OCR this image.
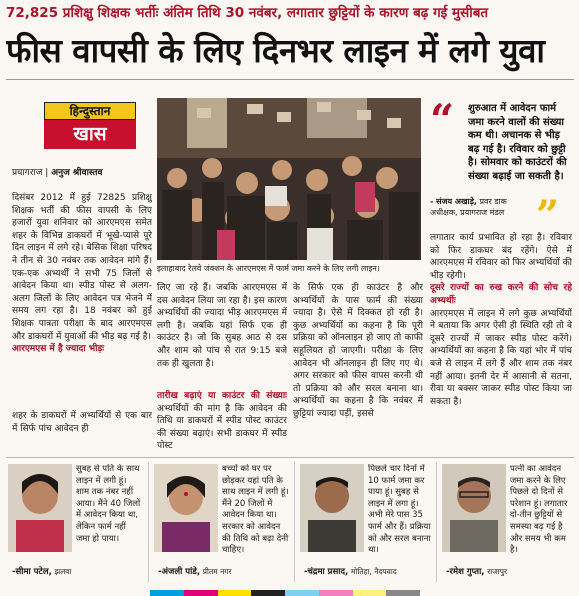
72,825 प्रशिक्षु शिक्षक भर्तीः अंतिम तिथि 30 नवंबर, लगातार छुट्टियों के कारण बढ़ गई मुसीबत
फीस वापसी के लिए दिनभर लाइन में लगे युवा
हिन्दुस्तान
खास
प्रयागराज | अनुज श्रीवास्तव
दिसंबर 2012 में हुई 72825 प्रशिक्षु शिक्षक भर्ती की फीस वापसी के लिए हजारों युवा शनिवार को आरएमएस समेत शहर के विभिन्न डाकघरों में भूखे-प्यासे पूरे दिन लाइन में लगे रहे। बेसिक शिक्षा परिषद ने तीन से 30 नवंबर तक आवेदन मांगे हैं। एक-एक अभ्यर्थी ने सभी 75 जिलों से आवेदन किया था। स्पीड पोस्ट से अलग-अलग जिलों के लिए आवेदन पत्र भेजने में समय लग रहा है। 18 नवंबर को हुई शिक्षक पात्रता परीक्षा के बाद आरएमएस और डाकघरों में युवाओं की भीड़ बढ़ गई है।
आरएमएस में है ज्यादा भीड़ः
शहर के डाकघरों में अभ्यर्थियों से एक बार में सिर्फ पांच आवेदन ही
इलाहाबाद रेलवे जंक्शन के आरएमएस में फार्म जमा करने के लिए लगी लाइन।
लिए जा रहे हैं। जबकि आरएमएस में दस आवेदन लिया जा रहा है। इस कारण अभ्यर्थियों की ज्यादा भीड़ आरएमएस में लगी है। जबकि यहां सिर्फ एक ही काउंटर है। जो कि सुबह आठ से दस और शाम को पांच से रात 9:15 बजे तक ही खुलता है।
तारीख बढ़ाएं या काउंटर की संख्याः अभ्यर्थियों की मांग है कि आवेदन की तिथि या डाकघरों में स्पीड पोस्ट काउंटर की संख्या बढ़ाएं। सभी डाकघर में स्पीड पोस्ट
के सिर्फ एक ही काउंटर है और अभ्यर्थियों के पास फार्म की संख्या ज्यादा है। ऐसे में दिक्कत हो रही है। कुछ अभ्यर्थियों का कहना है कि पूरी प्रक्रिया को ऑनलाइन हो जाए तो काफी सहूलियत हो जाएगी। परीक्षा के लिए आवेदन भी ऑनलाइन ही लिए गए थे। अगर सरकार को फीस वापस करनी थी तो प्रक्रिया को और सरल बनाना था। अभ्यर्थियों का कहना है कि नवंबर में छुट्टियां ज्यादा पड़ीं, इससे
“	शुरुआत में आवेदन फार्म जमा करने वालों की संख्या कम थी। अचानक से भीड़ बढ़ गई है। रविवार को छुट्टी है। सोमवार को काउंटरों की संख्या बढ़ाई जा सकती है।
- संजय अखाड़े, प्रवर डाक
अधीक्षक, प्रयागराज मंडल ”
लगातार कार्य प्रभावित हो रहा है। रविवार को फिर डाकघर बंद रहेंगे। ऐसे में आरएमएस में रविवार को फिर अभ्यर्थियों की भीड़ रहेगी।
दूसरे राज्यों का रुख करने की सोच रहे अभ्यर्थीः
आरएमएस में लाइन में लगे कुछ अभ्यर्थियों ने बताया कि अगर ऐसी ही स्थिति रही तो वे दूसरे राज्यों में जाकर स्पीड पोस्ट करेंगे। अभ्यर्थियों का कहना है कि यहां भोर में पांच बजे से लाइन में लगे हैं और शाम तक नंबर नहीं आया। इतनी देर में आसानी से सतना, रीवा या बक्सर जाकर स्पीड पोस्ट किया जा सकता है।
सुबह से पति के साथ लाइन में लगी हूं। शाम तक नंबर नहीं आया। मैंने 40 जिलों में आवेदन किया था, लेकिन फार्म नहीं जमा हो पाया।
-सीमा पटेल, झलवा
बच्चों को घर पर छोड़कर यहां पति के साथ लाइन में लगी हूं। मैंने 20 जिलों में आवेदन किया था। सरकार को आवेदन की तिथि को बढ़ा देनी चाहिए।
-अंजली पांडे, प्रीतम नगर
पिछले चार दिनों में 10 फार्म जमा कर पाया हूं। सुबह से लाइन में लगा हूं। अभी मेरे पास 35 फार्म और हैं। प्रक्रिया को और सरल बनाना था।
-चंद्रमा प्रसाद, मोतिहा, नैदपवाद
पत्नी का आवेदन जमा करने के लिए पिछले दो दिनों से परेशान हूं। लगातार दो-तीन छुट्टियों से समस्या बढ़ गई है और समय भी कम है।
-रमेश गुप्ता, राजापुर
